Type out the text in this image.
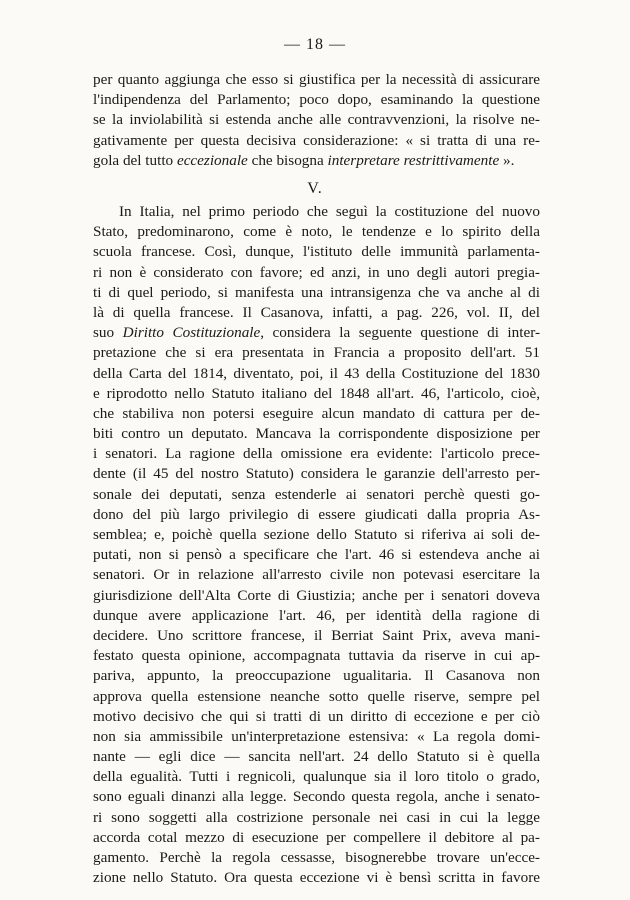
— 18 —
per quanto aggiunga che esso si giustifica per la necessità di assicurare
l'indipendenza del Parlamento; poco dopo, esaminando la questione
se la inviolabilità si estenda anche alle contravvenzioni, la risolve ne-
gativamente per questa decisiva considerazione: « si tratta di una re-
gola del tutto eccezionale che bisogna interpretare restrittivamente ».
V.
In Italia, nel primo periodo che seguì la costituzione del nuovo
Stato, predominarono, come è noto, le tendenze e lo spirito della
scuola francese. Così, dunque, l'istituto delle immunità parlamenta-
ri non è considerato con favore; ed anzi, in uno degli autori pregia-
ti di quel periodo, si manifesta una intransigenza che va anche al di
là di quella francese. Il Casanova, infatti, a pag. 226, vol. II, del
suo Diritto Costituzionale, considera la seguente questione di inter-
pretazione che si era presentata in Francia a proposito dell'art. 51
della Carta del 1814, diventato, poi, il 43 della Costituzione del 1830
e riprodotto nello Statuto italiano del 1848 all'art. 46, l'articolo, cioè,
che stabiliva non potersi eseguire alcun mandato di cattura per de-
biti contro un deputato. Mancava la corrispondente disposizione per
i senatori. La ragione della omissione era evidente: l'articolo prece-
dente (il 45 del nostro Statuto) considera le garanzie dell'arresto per-
sonale dei deputati, senza estenderle ai senatori perchè questi go-
dono del più largo privilegio di essere giudicati dalla propria As-
semblea; e, poichè quella sezione dello Statuto si riferiva ai soli de-
putati, non si pensò a specificare che l'art. 46 si estendeva anche ai
senatori. Or in relazione all'arresto civile non potevasi esercitare la
giurisdizione dell'Alta Corte di Giustizia; anche per i senatori doveva
dunque avere applicazione l'art. 46, per identità della ragione di
decidere. Uno scrittore francese, il Berriat Saint Prix, aveva mani-
festato questa opinione, accompagnata tuttavia da riserve in cui ap-
pariva, appunto, la preoccupazione ugualitaria. Il Casanova non
approva quella estensione neanche sotto quelle riserve, sempre pel
motivo decisivo che qui si tratti di un diritto di eccezione e per ciò
non sia ammissibile un'interpretazione estensiva: « La regola domi-
nante — egli dice — sancita nell'art. 24 dello Statuto si è quella
della egualità. Tutti i regnicoli, qualunque sia il loro titolo o grado,
sono eguali dinanzi alla legge. Secondo questa regola, anche i senato-
ri sono soggetti alla costrizione personale nei casi in cui la legge
accorda cotal mezzo di esecuzione per compellere il debitore al pa-
gamento. Perchè la regola cessasse, bisognerebbe trovare un'ecce-
zione nello Statuto. Ora questa eccezione vi è bensì scritta in favore
